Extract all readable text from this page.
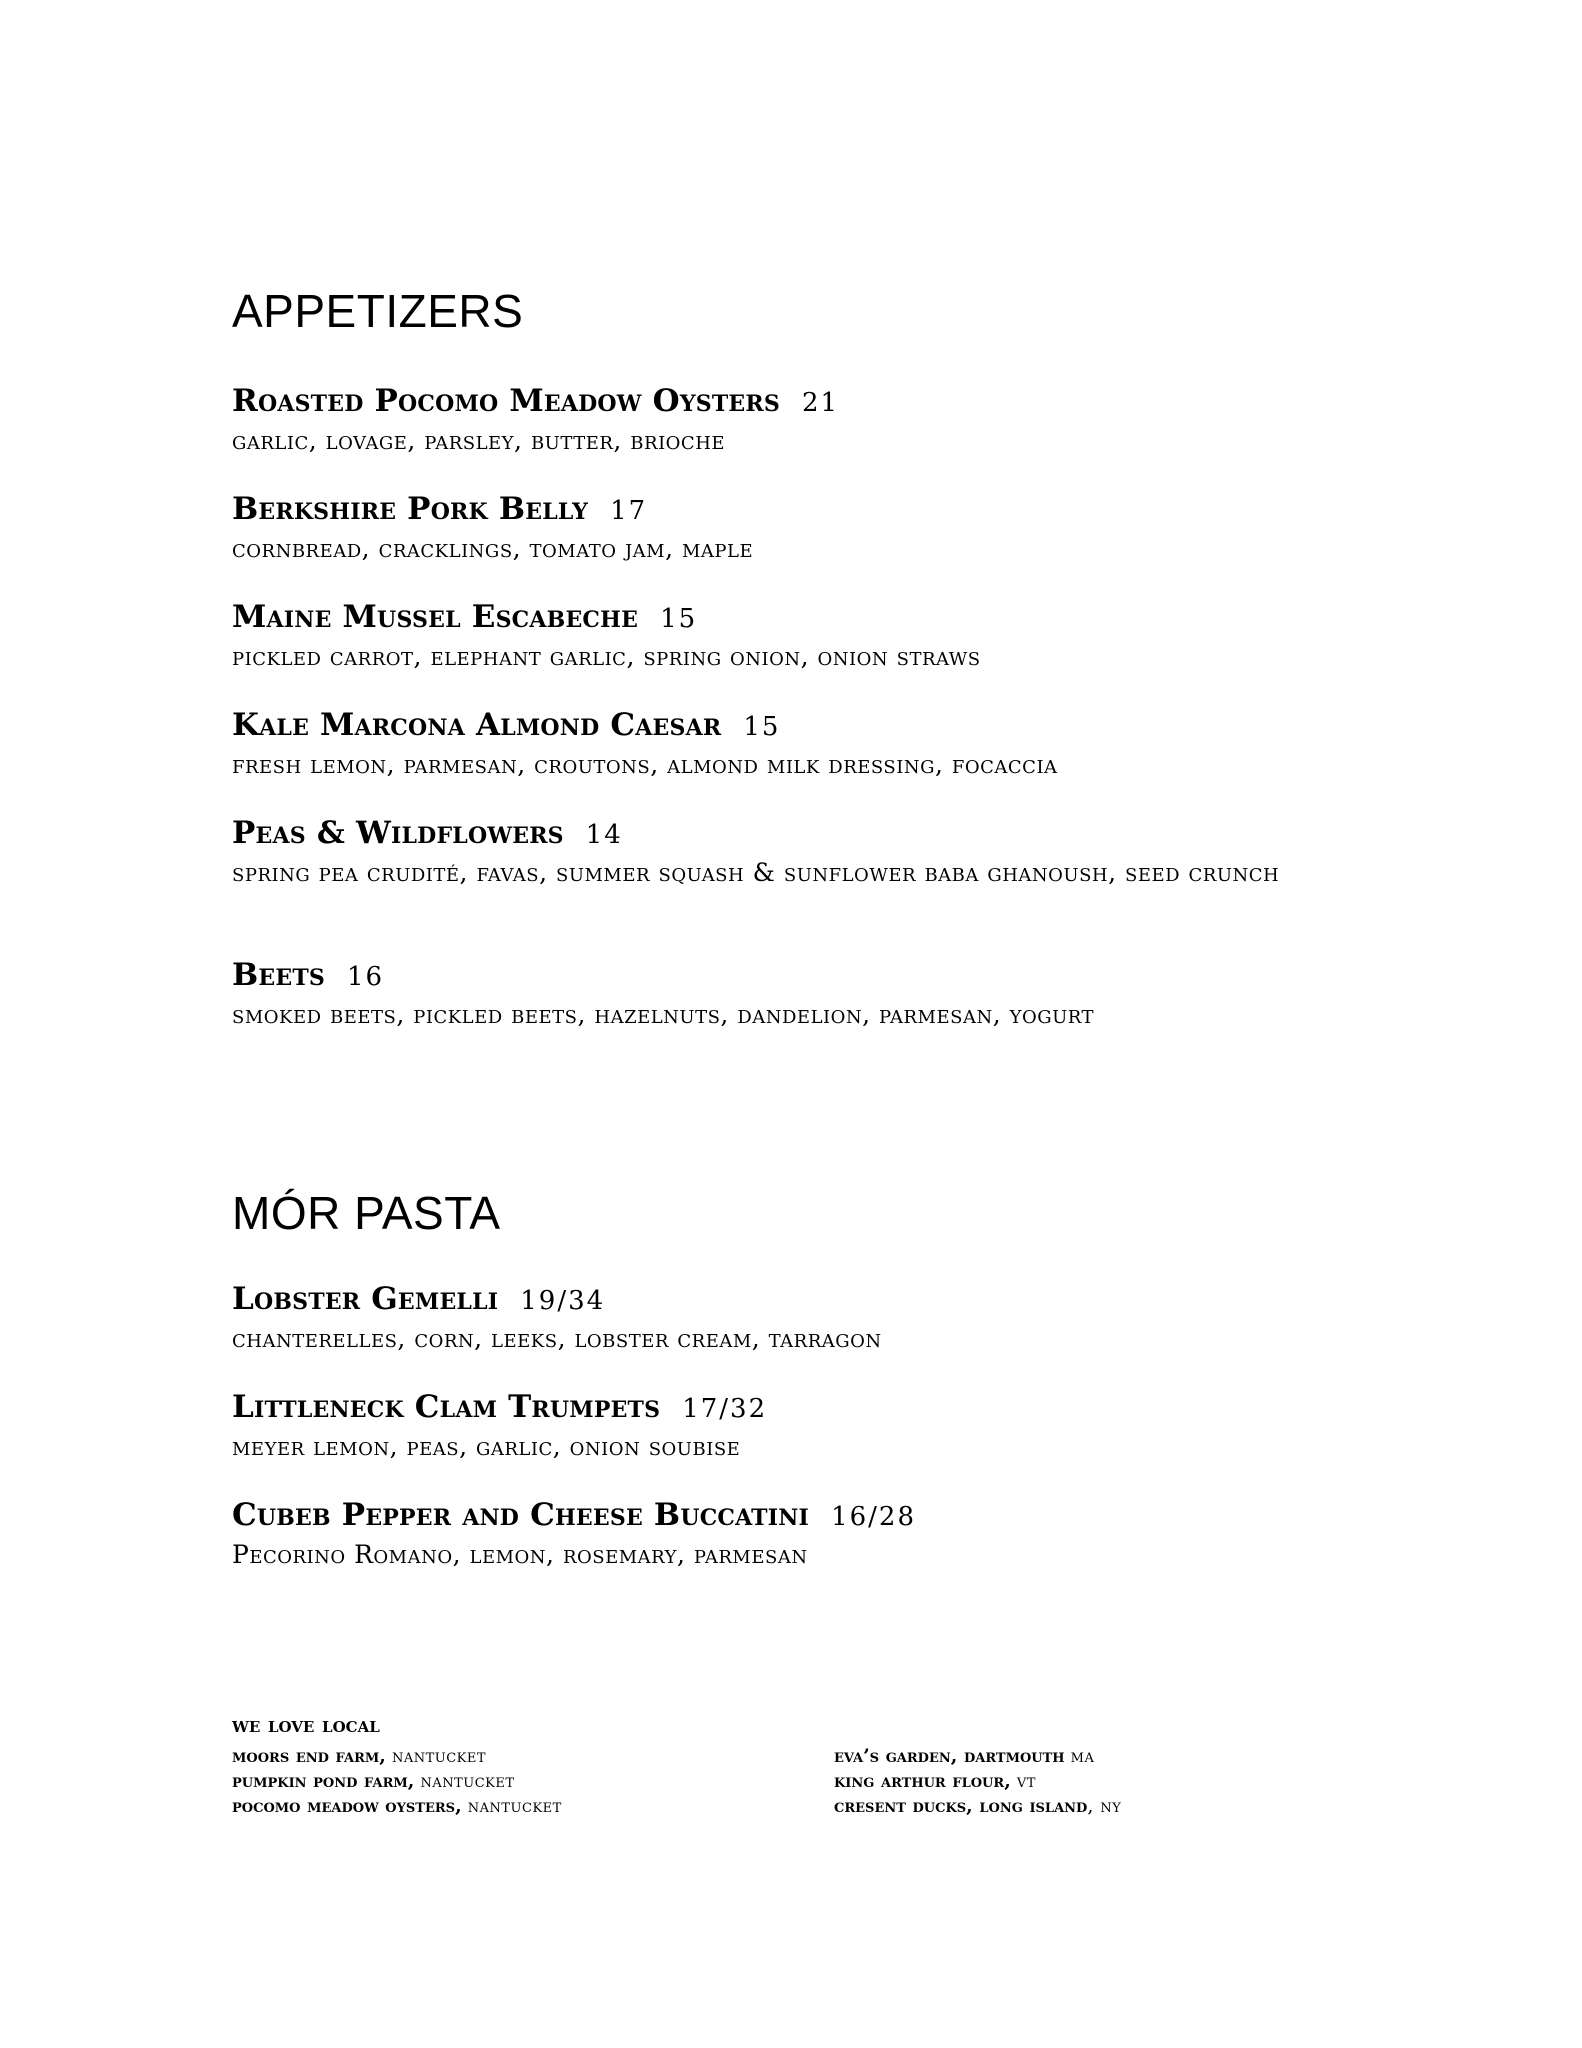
APPETIZERS
Roasted Pocomo Meadow Oysters 21
garlic, lovage, parsley, butter, brioche
Berkshire Pork Belly 17
cornbread, cracklings, tomato jam, maple
Maine Mussel Escabeche 15
pickled carrot, elephant garlic, spring onion, onion straws
Kale Marcona Almond Caesar 15
fresh lemon, parmesan, croutons, almond milk dressing, focaccia
Peas & Wildflowers 14
spring pea crudité, favas, summer squash & sunflower baba ghanoush, seed crunch
Beets 16
smoked beets, pickled beets, hazelnuts, dandelion, parmesan, yogurt
MÓR PASTA
Lobster Gemelli 19/34
chanterelles, corn, leeks, lobster cream, tarragon
Littleneck Clam Trumpets 17/32
meyer lemon, peas, garlic, onion soubise
Cubeb Pepper and Cheese Buccatini 16/28
Pecorino Romano, lemon, rosemary, parmesan
we love local
moors end farm, nantucket
pumpkin pond farm, nantucket
pocomo meadow oysters, nantucket
eva’s garden, dartmouth ma
king arthur flour, vt
cresent ducks, long island, ny
